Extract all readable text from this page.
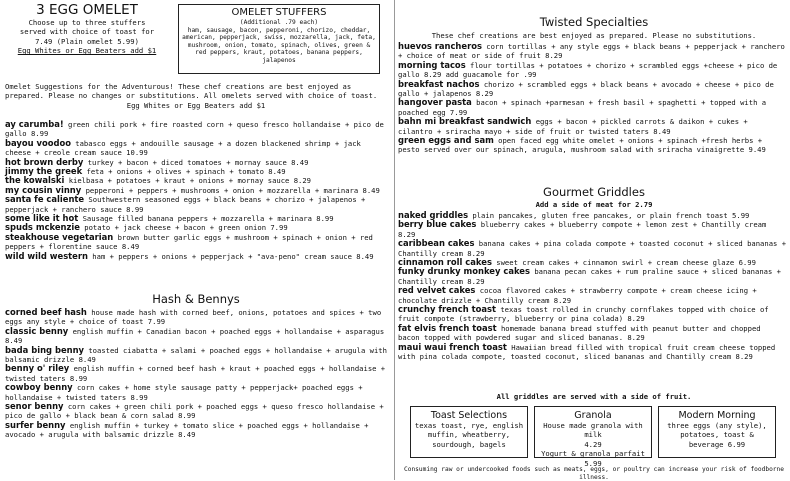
3 EGG OMELET
Choose up to three stuffers
served with choice of toast for
7.49 (Plain omelet 5.99)
Egg Whites or Egg Beaters add $1
OMELET STUFFERS
(Additional .79 each)
ham, sausage, bacon, pepperoni, chorizo, cheddar, american, pepperjack, swiss, mozzarella, jack, feta, mushroom, onion, tomato, spinach, olives, green & red peppers, kraut, potatoes, banana peppers, jalapenos
Omelet Suggestions for the Adventurous! These chef creations are best enjoyed as prepared. Please no changes or substitutions. All omelets served with choice of toast.
Egg Whites or Egg Beaters add $1
ay carumba! green chili pork + fire roasted corn + queso fresco hollandaise + pico de gallo 8.99
bayou voodoo tabasco eggs + andouille sausage + a dozen blackened shrimp + jack cheese + creole cream sauce 10.99
hot brown derby turkey + bacon + diced tomatoes + mornay sauce 8.49
jimmy the greek feta + onions + olives + spinach + tomato 8.49
the kowalski kielbasa + potatoes + kraut + onions + mornay sauce 8.29
my cousin vinny pepperoni + peppers + mushrooms + onion + mozzarella + marinara 8.49
santa fe caliente Southwestern seasoned eggs + black beans + chorizo + jalapenos + pepperjack + ranchero sauce 8.99
some like it hot Sausage filled banana peppers + mozzarella + marinara 8.99
spuds mckenzie potato + jack cheese + bacon + green onion 7.99
steakhouse vegetarian brown butter garlic eggs + mushroom + spinach + onion + red peppers + florentine sauce 8.49
wild wild western ham + peppers + onions + pepperjack + "ava-peno" cream sauce 8.49
Hash & Bennys
corned beef hash house made hash with corned beef, onions, potatoes and spices + two eggs any style + choice of toast 7.99
classic benny english muffin + Canadian bacon + poached eggs + hollandaise + asparagus 8.49
bada bing benny toasted ciabatta + salami + poached eggs + hollandaise + arugula with balsamic drizzle 8.49
benny o' riley english muffin + corned beef hash + kraut + poached eggs + hollandaise + twisted taters 8.99
cowboy benny corn cakes + home style sausage patty + pepperjack+ poached eggs + hollandaise + twisted taters 8.99
senor benny corn cakes + green chili pork + poached eggs + queso fresco hollandaise + pico de gallo + black bean & corn salad 8.99
surfer benny english muffin + turkey + tomato slice + poached eggs + hollandaise + avocado + arugula with balsamic drizzle 8.49
Twisted Specialties
These chef creations are best enjoyed as prepared. Please no substitutions.
huevos rancheros corn tortillas + any style eggs + black beans + pepperjack + ranchero + choice of meat or side of fruit 8.29
morning tacos flour tortillas + potatoes + chorizo + scrambled eggs +cheese + pico de gallo 8.29 add guacamole for .99
breakfast nachos chorizo + scrambled eggs + black beans + avocado + cheese + pico de gallo + jalapenos 8.29
hangover pasta bacon + spinach +parmesan + fresh basil + spaghetti + topped with a poached egg 7.99
bahn mi breakfast sandwich eggs + bacon + pickled carrots & daikon + cukes + cilantro + sriracha mayo + side of fruit or twisted taters 8.49
green eggs and sam open faced egg white omelet + onions + spinach +fresh herbs + pesto served over our spinach, arugula, mushroom salad with sriracha vinaigrette 9.49
Gourmet Griddles
Add a side of meat for 2.79
naked griddles plain pancakes, gluten free pancakes, or plain french toast 5.99
berry blue cakes blueberry cakes + blueberry compote + lemon zest + Chantilly cream 8.29
caribbean cakes banana cakes + pina colada compote + toasted coconut + sliced bananas + Chantilly cream 8.29
cinnamon roll cakes sweet cream cakes + cinnamon swirl + cream cheese glaze 6.99
funky drunky monkey cakes banana pecan cakes + rum praline sauce + sliced bananas + Chantilly cream 8.29
red velvet cakes cocoa flavored cakes + strawberry compote + cream cheese icing + chocolate drizzle + Chantilly cream 8.29
crunchy french toast texas toast rolled in crunchy cornflakes topped with choice of fruit compote (strawberry, blueberry or pina colada) 8.29
fat elvis french toast homemade banana bread stuffed with peanut butter and chopped bacon topped with powdered sugar and sliced bananas. 8.29
maui waui french toast Hawaiian bread filled with tropical fruit cream cheese topped with pina colada compote, toasted coconut, sliced bananas and Chantilly cream 8.29
All griddles are served with a side of fruit.
Toast Selections
texas toast, rye, english muffin, wheatberry, sourdough, bagels
Granola
House made granola with milk
4.29
Yogurt & granola parfait 5.99
Modern Morning
three eggs (any style), potatoes, toast & beverage 6.99
Consuming raw or undercooked foods such as meats, eggs, or poultry can increase your risk of foodborne illness.
